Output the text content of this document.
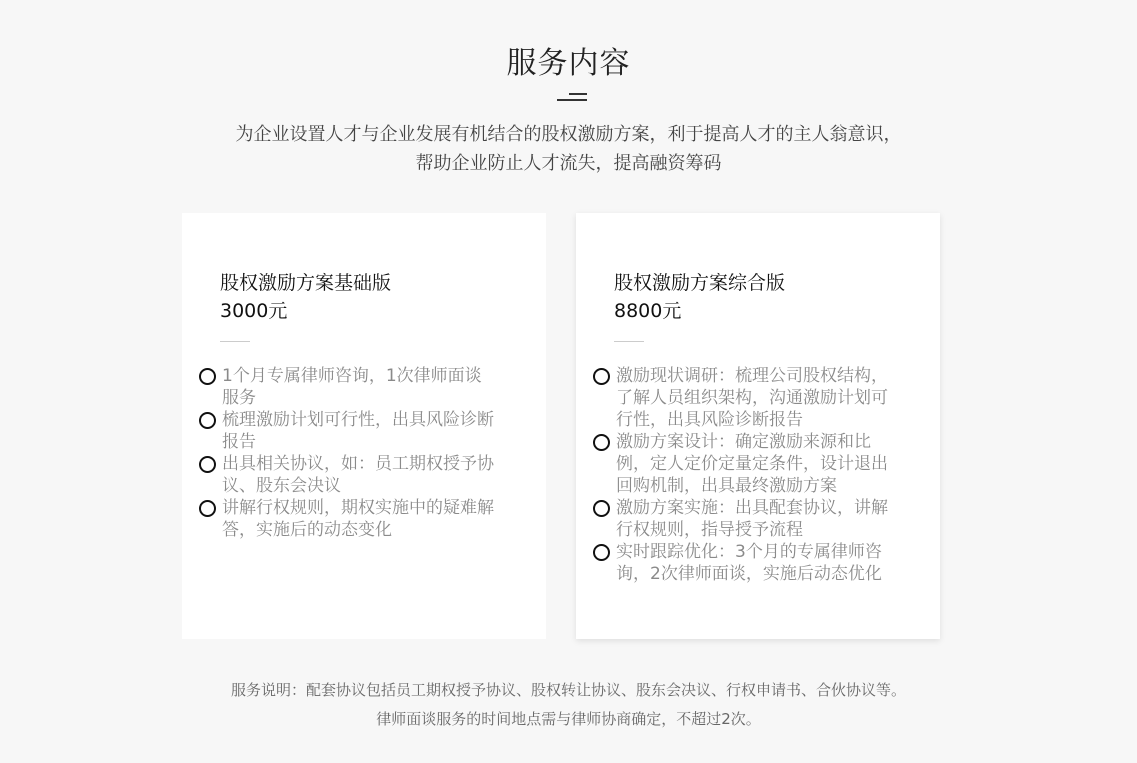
服务内容

为企业设置人才与企业发展有机结合的股权激励方案，利于提高人才的主人翁意识，
帮助企业防止人才流失，提高融资筹码

股权激励方案基础版
3000元
1个月专属律师咨询，1次律师面谈服务
梳理激励计划可行性，出具风险诊断报告
出具相关协议，如：员工期权授予协议、股东会决议
讲解行权规则，期权实施中的疑难解答，实施后的动态变化
股权激励方案综合版
8800元
激励现状调研：梳理公司股权结构，了解人员组织架构，沟通激励计划可行性，出具风险诊断报告
激励方案设计：确定激励来源和比例，定人定价定量定条件，设计退出回购机制，出具最终激励方案
激励方案实施：出具配套协议，讲解行权规则，指导授予流程
实时跟踪优化：3个月的专属律师咨询，2次律师面谈，实施后动态优化

服务说明：配套协议包括员工期权授予协议、股权转让协议、股东会决议、行权申请书、合伙协议等。
律师面谈服务的时间地点需与律师协商确定，不超过2次。
